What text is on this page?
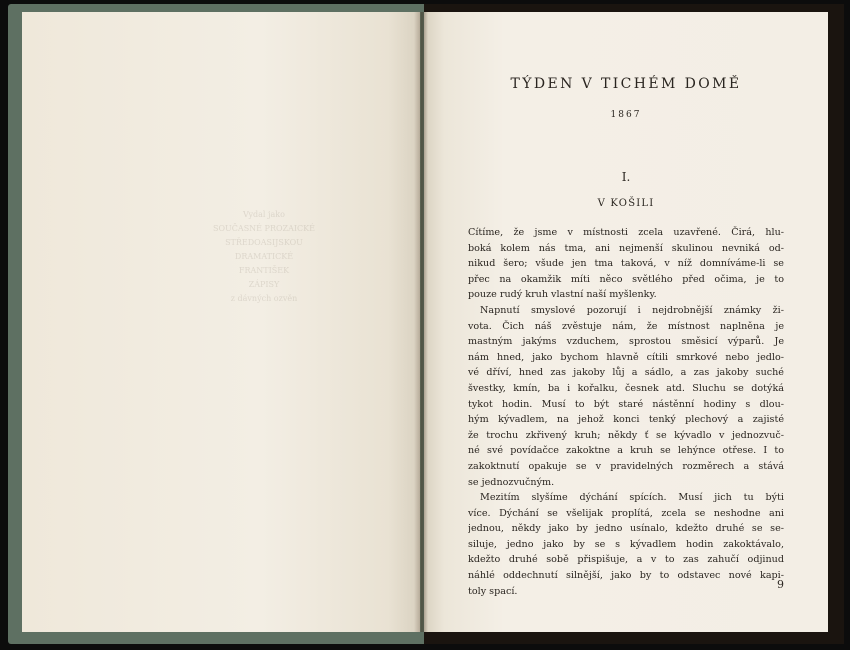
Vydal jako
SOUČASNÉ PROZAICKÉ
STŘEDOASIJSKOU
DRAMATICKÉ
FRANTIŠEK
ZÁPISY
z dávných ozvěn
TÝDEN V TICHÉM DOMĚ
1867
I.
V KOŠILI
Cítíme, že jsme v místnosti zcela uzavřené. Čirá, hlu-
boká kolem nás tma, ani nejmenší skulinou nevniká od-
nikud šero; všude jen tma taková, v níž domníváme-li se
přec na okamžik míti něco světlého před očima, je to
pouze rudý kruh vlastní naší myšlenky.
Napnutí smyslové pozorují i nejdrobnější známky ži-
vota. Čich náš zvěstuje nám, že místnost naplněna je
mastným jakýms vzduchem, sprostou směsicí výparů. Je
nám hned, jako bychom hlavně cítili smrkové nebo jedlo-
vé dříví, hned zas jakoby lůj a sádlo, a zas jakoby suché
švestky, kmín, ba i kořalku, česnek atd. Sluchu se dotýká
tykot hodin. Musí to být staré nástěnní hodiny s dlou-
hým kývadlem, na jehož konci tenký plechový a zajisté
že trochu zkřivený kruh; někdy ť se kývadlo v jednozvuč-
né své povídačce zakoktne a kruh se lehýnce otřese. I to
zakoktnutí opakuje se v pravidelných rozměrech a stává
se jednozvučným.
Mezitím slyšíme dýchání spících. Musí jich tu býti
více. Dýchání se všelijak proplítá, zcela se neshodne ani
jednou, někdy jako by jedno usínalo, kdežto druhé se se-
siluje, jedno jako by se s kývadlem hodin zakoktávalo,
kdežto druhé sobě přispišuje, a v to zas zahučí odjinud
náhlé oddechnutí silnější, jako by to odstavec nové kapi-
toly spací.
9
